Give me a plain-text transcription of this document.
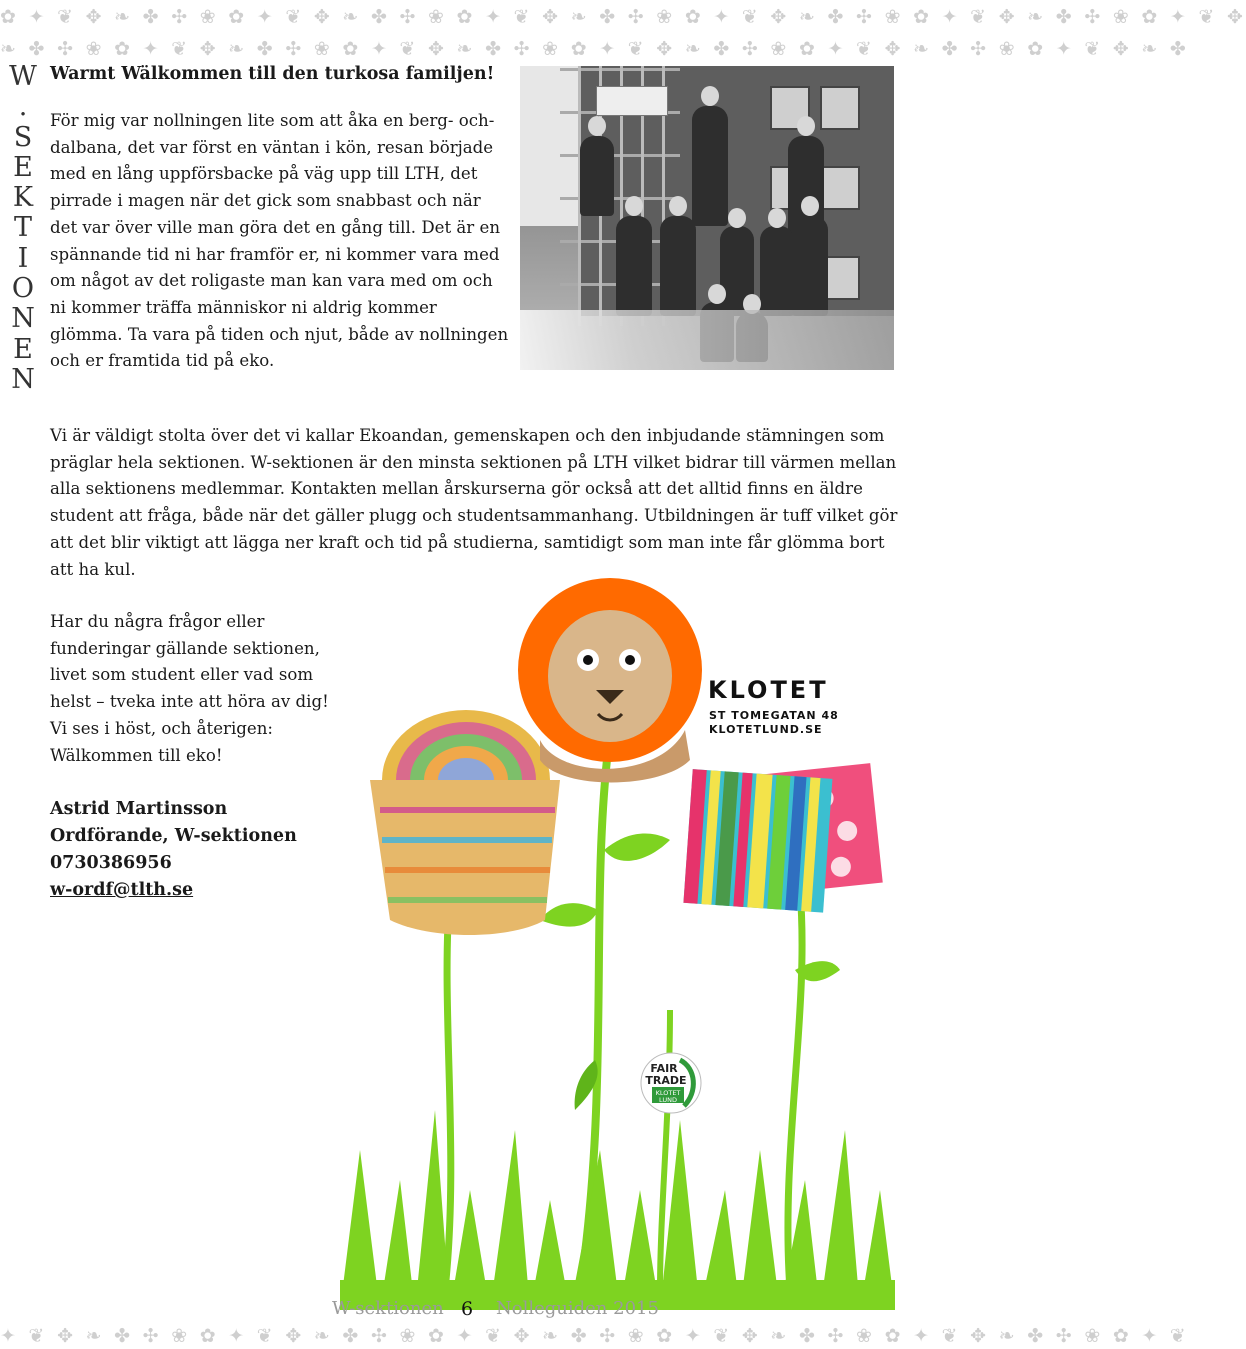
✿ ✦ ❦ ✥ ❧ ✤ ✣ ❀ ✿ ✦ ❦ ✥ ❧ ✤ ✣ ❀ ✿ ✦ ❦ ✥ ❧ ✤ ✣ ❀ ✿ ✦ ❦ ✥ ❧ ✤ ✣ ❀ ✿ ✦ ❦ ✥ ❧ ✤ ✣ ❀ ✿ ✦ ❦ ✥
❧ ✤ ✣ ❀ ✿ ✦ ❦ ✥ ❧ ✤ ✣ ❀ ✿ ✦ ❦ ✥ ❧ ✤ ✣ ❀ ✿ ✦ ❦ ✥ ❧ ✤ ✣ ❀ ✿ ✦ ❦ ✥ ❧ ✤ ✣ ❀ ✿ ✦ ❦ ✥ ❧ ✤
✦ ❦ ✥ ❧ ✤ ✣ ❀ ✿ ✦ ❦ ✥ ❧ ✤ ✣ ❀ ✿ ✦ ❦ ✥ ❧ ✤ ✣ ❀ ✿ ✦ ❦ ✥ ❧ ✤ ✣ ❀ ✿ ✦ ❦ ✥ ❧ ✤ ✣ ❀ ✿ ✦ ❦
W
.
S
E
K
T
I
O
N
E
N
Warmt Wälkommen till den turkosa familjen!

För mig var nollningen lite som att åka en berg- och-dalbana, det var först en väntan i kön, resan började med en lång uppförsbacke på väg upp till LTH, det pirrade i magen när det gick som snabbast och när det var över ville man göra det en gång till. Det är en spännande tid ni har framför er, ni kommer vara med om något av det roligaste man kan vara med om och ni kommer träffa människor ni aldrig kommer glömma. Ta vara på tiden och njut, både av nollningen och er framtida tid på eko.

Vi är väldigt stolta över det vi kallar Ekoandan, gemenskapen och den inbjudande stämningen som präglar hela sektionen. W-sektionen är den minsta sektionen på LTH vilket bidrar till värmen mellan alla sektionens medlemmar. Kontakten mellan årskurserna gör också att det alltid finns en äldre student att fråga, både när det gäller plugg och studentsammanhang. Utbildningen är tuff vilket gör att det blir viktigt att lägga ner kraft och tid på studierna, samtidigt som man inte får glömma bort att ha kul.

Har du några frågor eller funderingar gällande sektionen, livet som student eller vad som helst – tveka inte att höra av dig! Vi ses i höst, och återigen: Wälkommen till eko!

Astrid Martinsson
Ordförande, W-sektionen
0730386956
w-ordf@tlth.se
KLOTET
ST TOMEGATAN 48
KLOTETLUND.SE
FAIR
TRADE
KLOTET
LUND
W-sektionen 6 Nolleguiden 2015
